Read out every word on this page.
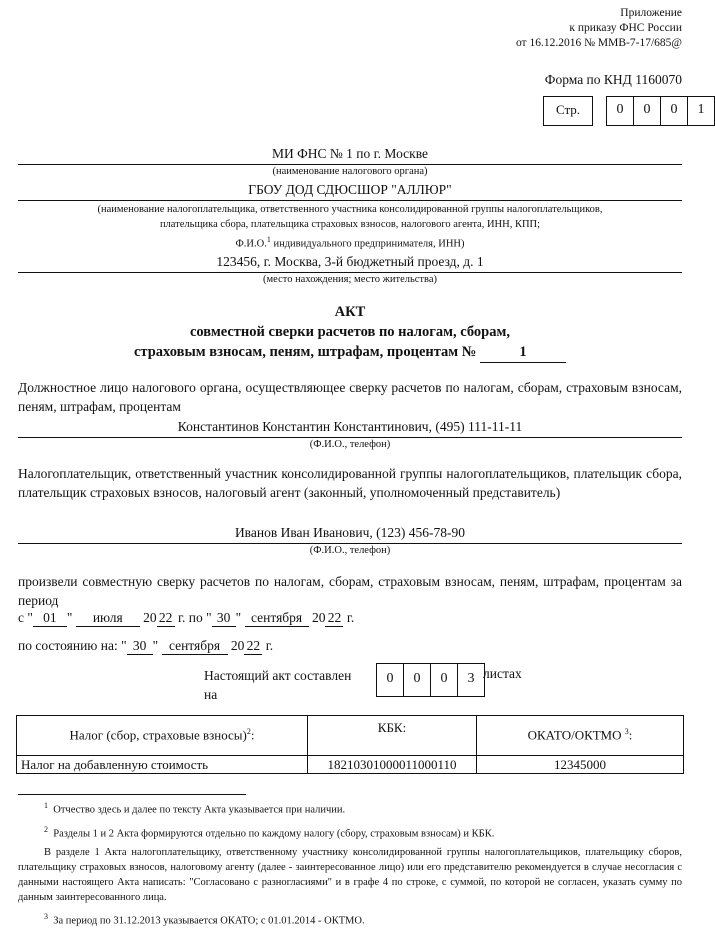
Приложение
к приказу ФНС России
от 16.12.2016 № ММВ-7-17/685@
Форма по КНД 1160070
Стр.	0	0	0	1
МИ ФНС № 1 по г. Москве
(наименование налогового органа)
ГБОУ ДОД СДЮСШОР "АЛЛЮР"
(наименование налогоплательщика, ответственного участника консолидированной группы налогоплательщиков,
плательщика сбора, плательщика страховых взносов, налогового агента, ИНН, КПП;
Ф.И.О.$^1$ индивидуального предпринимателя, ИНН)
123456, г. Москва, 3-й бюджетный проезд, д. 1
(место нахождения; место жительства)
АКТ
совместной сверки расчетов по налогам, сборам,
страховым взносам, пеням, штрафам, процентам №	1
Должностное лицо налогового органа, осуществляющее сверку расчетов по налогам, сборам, страховым взносам, пеням, штрафам, процентам
Константинов Константин Константинович, (495) 111-11-11
(Ф.И.О., телефон)
Налогоплательщик, ответственный участник консолидированной группы налогоплательщиков, плательщик сбора, плательщик страховых взносов, налоговый агент (законный, уполномоченный представитель)
Иванов Иван Иванович, (123) 456-78-90
(Ф.И.О., телефон)
произвели совместную сверку расчетов по налогам, сборам, страховым взносам, пеням, штрафам, процентам за период
с " 01 " июля 20 22 г. по " 30 " сентября 20 22 г.
по состоянию на: " 30 " сентября 20 22 г.
Настоящий акт составлен
на
0	0	0	3 листах
Налог (сбор, страховые взносы)$^2$:	КБК:	ОКАТО/ОКТМО $^3$:
Налог на добавленную стоимость	18210301000011000110	12345000
$^1$ Отчество здесь и далее по тексту Акта указывается при наличии.
$^2$ Разделы 1 и 2 Акта формируются отдельно по каждому налогу (сбору, страховым взносам) и КБК.
В разделе 1 Акта налогоплательщику, ответственному участнику консолидированной группы налогоплательщиков, плательщику сборов, плательщику страховых взносов, налоговому агенту (далее - заинтересованное лицо) или его представителю рекомендуется в случае несогласия с данными настоящего Акта написать: "Согласовано с разногласиями" и в графе 4 по строке, с суммой, по которой не согласен, указать сумму по данным заинтересованного лица.
$^3$ За период по 31.12.2013 указывается ОКАТО; с 01.01.2014 - ОКТМО.
